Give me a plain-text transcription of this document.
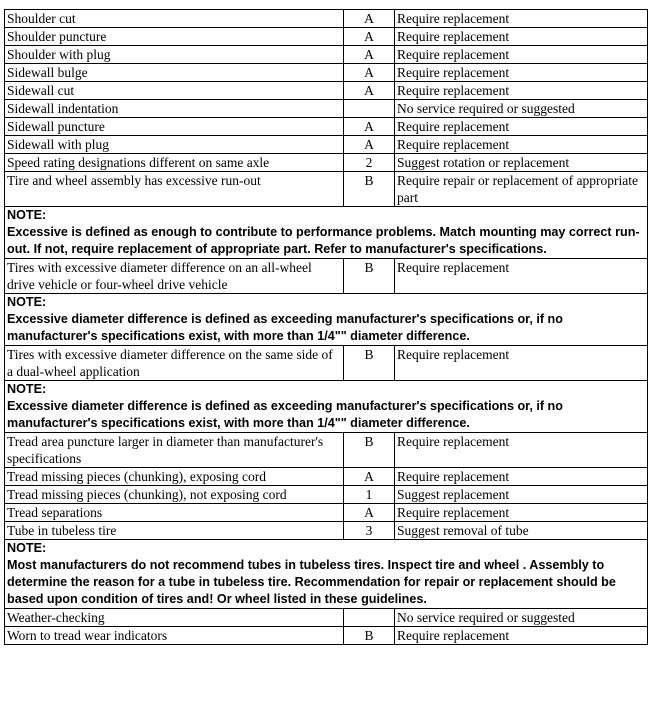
Shoulder cut	A	Require replacement
Shoulder puncture	A	Require replacement
Shoulder with plug	A	Require replacement
Sidewall bulge	A	Require replacement
Sidewall cut	A	Require replacement
Sidewall indentation		No service required or suggested
Sidewall puncture	A	Require replacement
Sidewall with plug	A	Require replacement
Speed rating designations different on same axle	2	Suggest rotation or replacement
Tire and wheel assembly has excessive run-out	B	Require repair or replacement of appropriate part

NOTE:
Excessive is defined as enough to contribute to performance problems. Match mounting may correct run-out. If not, require replacement of appropriate part. Refer to manufacturer's specifications.		

Tires with excessive diameter difference on an all-wheel drive vehicle or four-wheel drive vehicle	B	Require replacement

NOTE:
Excessive diameter difference is defined as exceeding manufacturer's specifications or, if no manufacturer's specifications exist, with more than 1/4"" diameter difference.		

Tires with excessive diameter difference on the same side of a dual-wheel application	B	Require replacement

NOTE:
Excessive diameter difference is defined as exceeding manufacturer's specifications or, if no manufacturer's specifications exist, with more than 1/4"" diameter difference.		

Tread area puncture larger in diameter than manufacturer's specifications	B	Require replacement
Tread missing pieces (chunking), exposing cord	A	Require replacement
Tread missing pieces (chunking), not exposing cord	1	Suggest replacement
Tread separations	A	Require replacement
Tube in tubeless tire	3	Suggest removal of tube

NOTE:
Most manufacturers do not recommend tubes in tubeless tires. Inspect tire and wheel . Assembly to determine the reason for a tube in tubeless tire. Recommendation for repair or replacement should be based upon condition of tires and! Or wheel listed in these guidelines.		

Weather-checking		No service required or suggested
Worn to tread wear indicators	B	Require replacement
